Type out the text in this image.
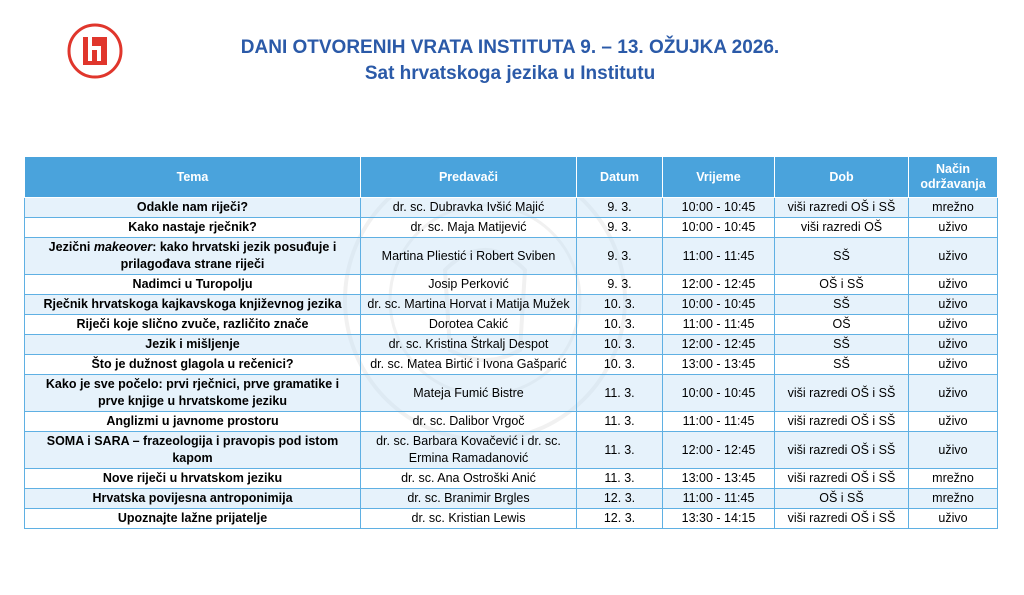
DANI OTVORENIH VRATA INSTITUTA 9. – 13. OŽUJKA 2026.
Sat hrvatskoga jezika u Institutu
Tema	Predavači	Datum	Vrijeme	Dob	Način održavanja
Odakle nam riječi?	dr. sc. Dubravka Ivšić Majić	9. 3.	10:00 - 10:45	viši razredi OŠ i SŠ	mrežno
Kako nastaje rječnik?	dr. sc. Maja Matijević	9. 3.	10:00 - 10:45	viši razredi OŠ	uživo
Jezični makeover: kako hrvatski jezik posuđuje i prilagođava strane riječi	Martina Pliestić i Robert Sviben	9. 3.	11:00 - 11:45	SŠ	uživo
Nadimci u Turopolju	Josip Perković	9. 3.	12:00 - 12:45	OŠ i SŠ	uživo
Rječnik hrvatskoga kajkavskoga književnog jezika	dr. sc. Martina Horvat i Matija Mužek	10. 3.	10:00 - 10:45	SŠ	uživo
Riječi koje slično zvuče, različito znače	Dorotea Cakić	10. 3.	11:00 - 11:45	OŠ	uživo
Jezik i mišljenje	dr. sc. Kristina Štrkalj Despot	10. 3.	12:00 - 12:45	SŠ	uživo
Što je dužnost glagola u rečenici?	dr. sc. Matea Birtić i Ivona Gašparić	10. 3.	13:00 - 13:45	SŠ	uživo
Kako je sve počelo: prvi rječnici, prve gramatike i prve knjige u hrvatskome jeziku	Mateja Fumić Bistre	11. 3.	10:00 - 10:45	viši razredi OŠ i SŠ	uživo
Anglizmi u javnome prostoru	dr. sc. Dalibor Vrgoč	11. 3.	11:00 - 11:45	viši razredi OŠ i SŠ	uživo
SOMA i SARA – frazeologija i pravopis pod istom kapom	dr. sc. Barbara Kovačević i dr. sc. Ermina Ramadanović	11. 3.	12:00 - 12:45	viši razredi OŠ i SŠ	uživo
Nove riječi u hrvatskom jeziku	dr. sc. Ana Ostroški Anić	11. 3.	13:00 - 13:45	viši razredi OŠ i SŠ	mrežno
Hrvatska povijesna antroponimija	dr. sc. Branimir Brgles	12. 3.	11:00 - 11:45	OŠ i SŠ	mrežno
Upoznajte lažne prijatelje	dr. sc. Kristian Lewis	12. 3.	13:30 - 14:15	viši razredi OŠ i SŠ	uživo
